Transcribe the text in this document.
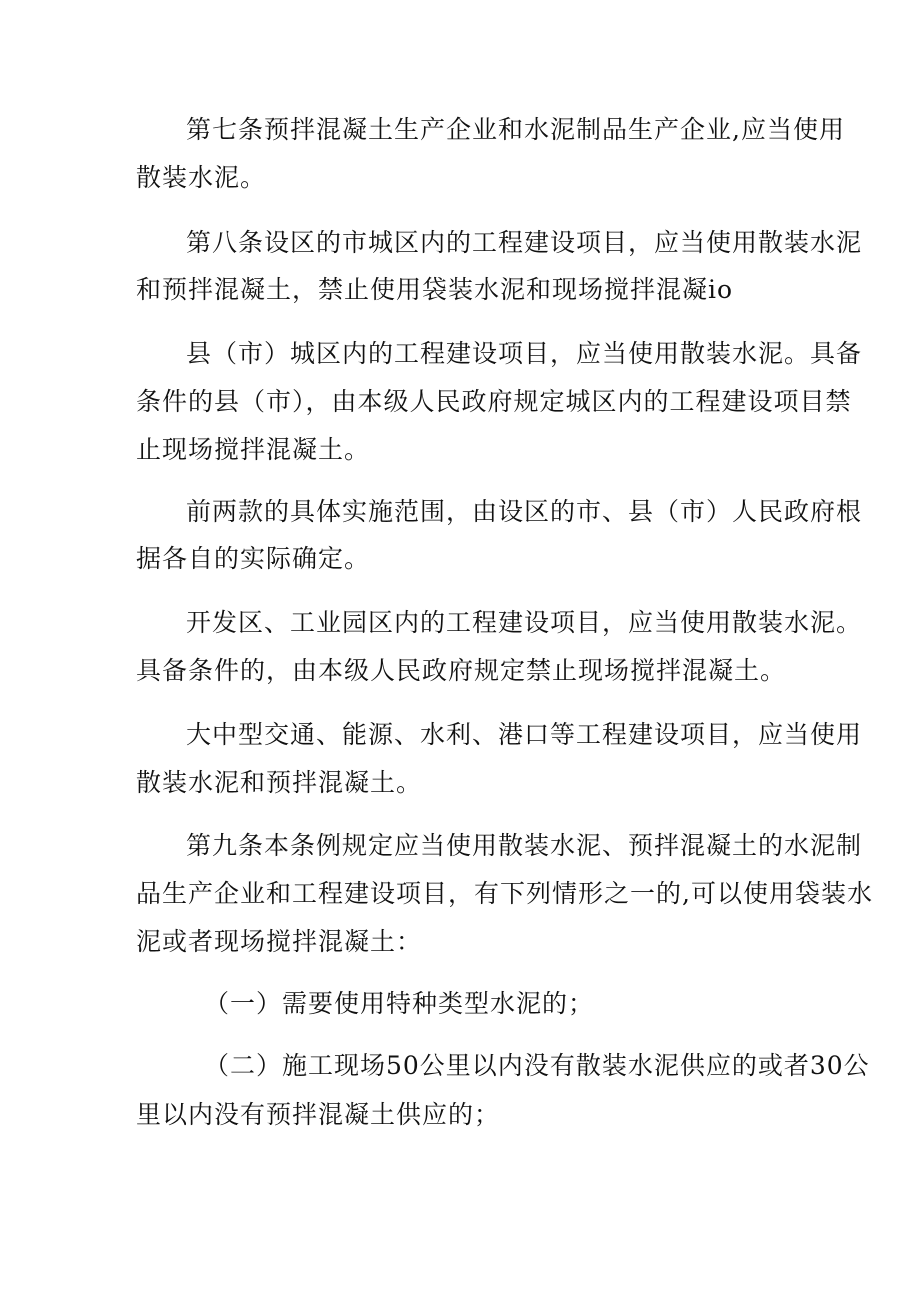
第七条预拌混凝土生产企业和水泥制品生产企业,应当使用
散装水泥。
第八条设区的市城区内的工程建设项目，应当使用散装水泥
和预拌混凝土，禁止使用袋装水泥和现场搅拌混凝io
县（市）城区内的工程建设项目，应当使用散装水泥。具备
条件的县（市），由本级人民政府规定城区内的工程建设项目禁
止现场搅拌混凝土。
前两款的具体实施范围，由设区的市、县（市）人民政府根
据各自的实际确定。
开发区、工业园区内的工程建设项目，应当使用散装水泥。
具备条件的，由本级人民政府规定禁止现场搅拌混凝土。
大中型交通、能源、水利、港口等工程建设项目，应当使用
散装水泥和预拌混凝土。
第九条本条例规定应当使用散装水泥、预拌混凝土的水泥制
品生产企业和工程建设项目，有下列情形之一的,可以使用袋装水
泥或者现场搅拌混凝土：
（一）需要使用特种类型水泥的；
（二）施工现场50公里以内没有散装水泥供应的或者30公
里以内没有预拌混凝土供应的；
